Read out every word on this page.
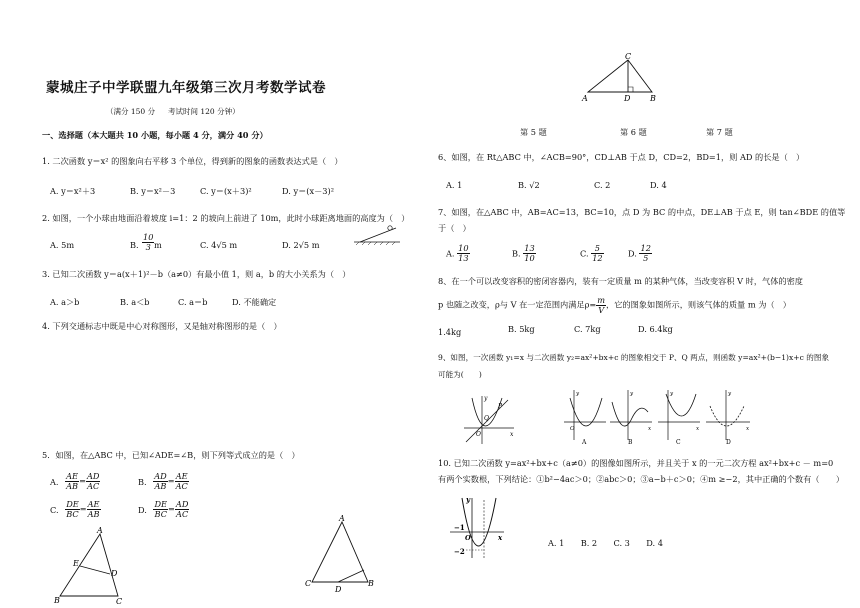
蒙城庄子中学联盟九年级第三次月考数学试卷
（满分 150 分 考试时间 120 分钟）
一、选择题（本大题共 10 小题，每小题 4 分，满分 40 分）
1. 二次函数 y＝x² 的图象向右平移 3 个单位，得到新的图象的函数表达式是（　）
A. y＝x²＋3	B. y＝x²－3	C. y＝(x＋3)²	D. y＝(x－3)²
2. 如图，一个小球由地面沿着坡度 i=1：2 的坡向上前进了 10m，此时小球距离地面的高度为（　）
A. 5m	B. $\frac{10}{3}$ m	C. 4√5 m	D. 2√5 m
3. 已知二次函数 y＝a(x＋1)²－b（a≠0）有最小值 1，则 a，b 的大小关系为（　）
A. a＞b	B. a＜b	C. a＝b	D. 不能确定
4. 下列交通标志中既是中心对称图形，又是轴对称图形的是（　）
5．如图，在△ABC 中，已知∠ADE=∠B，则下列等式成立的是（　）
A. $\frac{AE}{AB} = \frac{AD}{AC}$	B. $\frac{AD}{AB} = \frac{AE}{AC}$
C. $\frac{DE}{BC} = \frac{AE}{AB}$	D. $\frac{DE}{BC} = \frac{AD}{AC}$
A
E
D
B	C
A
C
D
B
C
A	D B
第 5 题	第 6 题	第 7 题
6、如图，在 Rt△ABC 中，∠ACB=90°，CD⊥AB 于点 D，CD=2，BD=1，则 AD 的长是（　）
A. 1	B. √2	C. 2	D. 4
7、如图，在△ABC 中，AB=AC=13，BC=10，点 D 为 BC 的中点，DE⊥AB 于点 E，则 tan∠BDE 的值等
于（　）
A. $\frac{10}{13}$	B. $\frac{13}{10}$	C. $\frac{5}{12}$	D. $\frac{12}{5}$
8、在一个可以改变容积的密闭容器内，装有一定质量 m 的某种气体，当改变容积 V 时，气体的密度
p 也随之改变，ρ与 V 在一定范围内满足$\rho= \frac{m}{V}$ ，它的图象如图所示，则该气体的质量 m 为（　）
1.4kg	B. 5kg	C. 7kg	D. 6.4kg
9、如图，一次函数 y₁=x 与二次函数 y₂=ax²+bx+c 的图象相交于 P、Q 两点，则函数 y=ax²+(b−1)x+c 的图象
可能为(　　)
y
x
O
P
Q
y
O
A
y
x
B
y
x
C
y
x
D
10. 已知二次函数 y=ax²+bx+c（a≠0）的图像如图所示，并且关于 x 的一元二次方程 ax²+bx+c － m=0
有两个实数根，下列结论：①b²−4ac＞0；②abc＞0；③a−b＋c＞0；④m ≥−2，其中正确的个数有（　　）
y
x
−1
O
−2
A. 1　　B. 2　　C. 3　　D. 4
